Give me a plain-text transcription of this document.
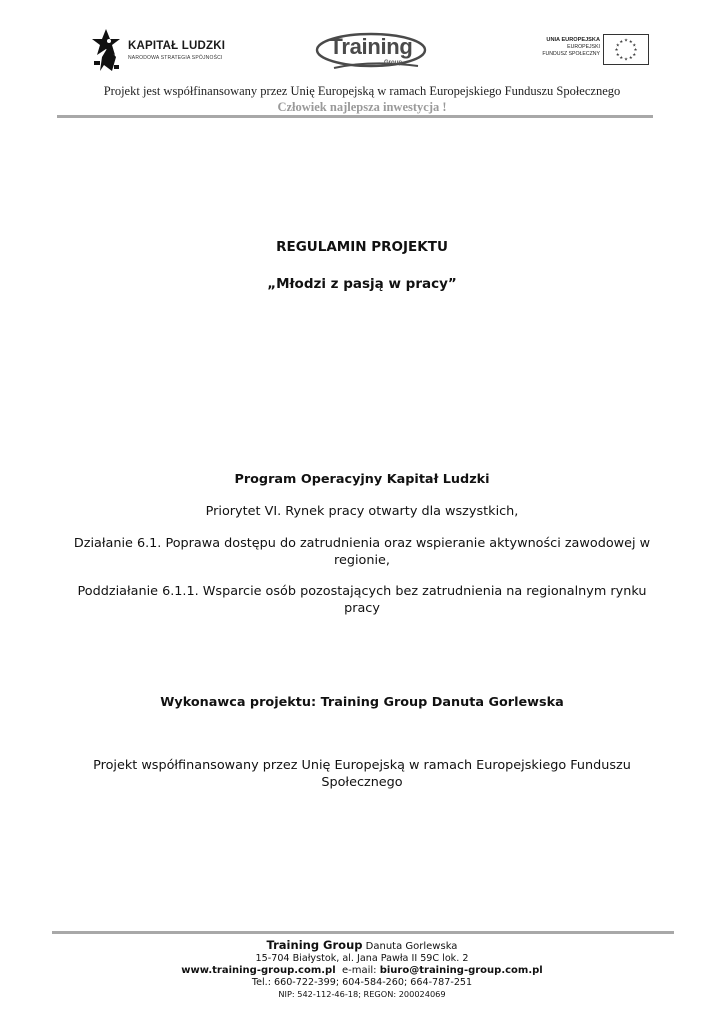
KAPITAŁ LUDZKI
NARODOWA STRATEGIA SPÓJNOŚCI	Training
Group
UNIA EUROPEJSKA
EUROPEJSKI
FUNDUSZ SPOŁECZNY
★ ★
★
★
★
★
★
★
★
★
★
★
Projekt jest współfinansowany przez Unię Europejską w ramach Europejskiego Funduszu Społecznego
Człowiek najlepsza inwestycja !
REGULAMIN PROJEKTU
„Młodzi z pasją w pracy”
Program Operacyjny Kapitał Ludzki
Priorytet VI. Rynek pracy otwarty dla wszystkich,
Działanie 6.1. Poprawa dostępu do zatrudnienia oraz wspieranie aktywności zawodowej w regionie,
Poddziałanie 6.1.1. Wsparcie osób pozostających bez zatrudnienia na regionalnym rynku pracy
Wykonawca projektu: Training Group Danuta Gorlewska
Projekt współfinansowany przez Unię Europejską w ramach Europejskiego Funduszu Społecznego
Training Group Danuta Gorlewska
15-704 Białystok, al. Jana Pawła II 59C lok. 2
www.training-group.com.pl  e-mail: biuro@training-group.com.pl
Tel.: 660-722-399; 604-584-260; 664-787-251
NIP: 542-112-46-18; REGON: 200024069
